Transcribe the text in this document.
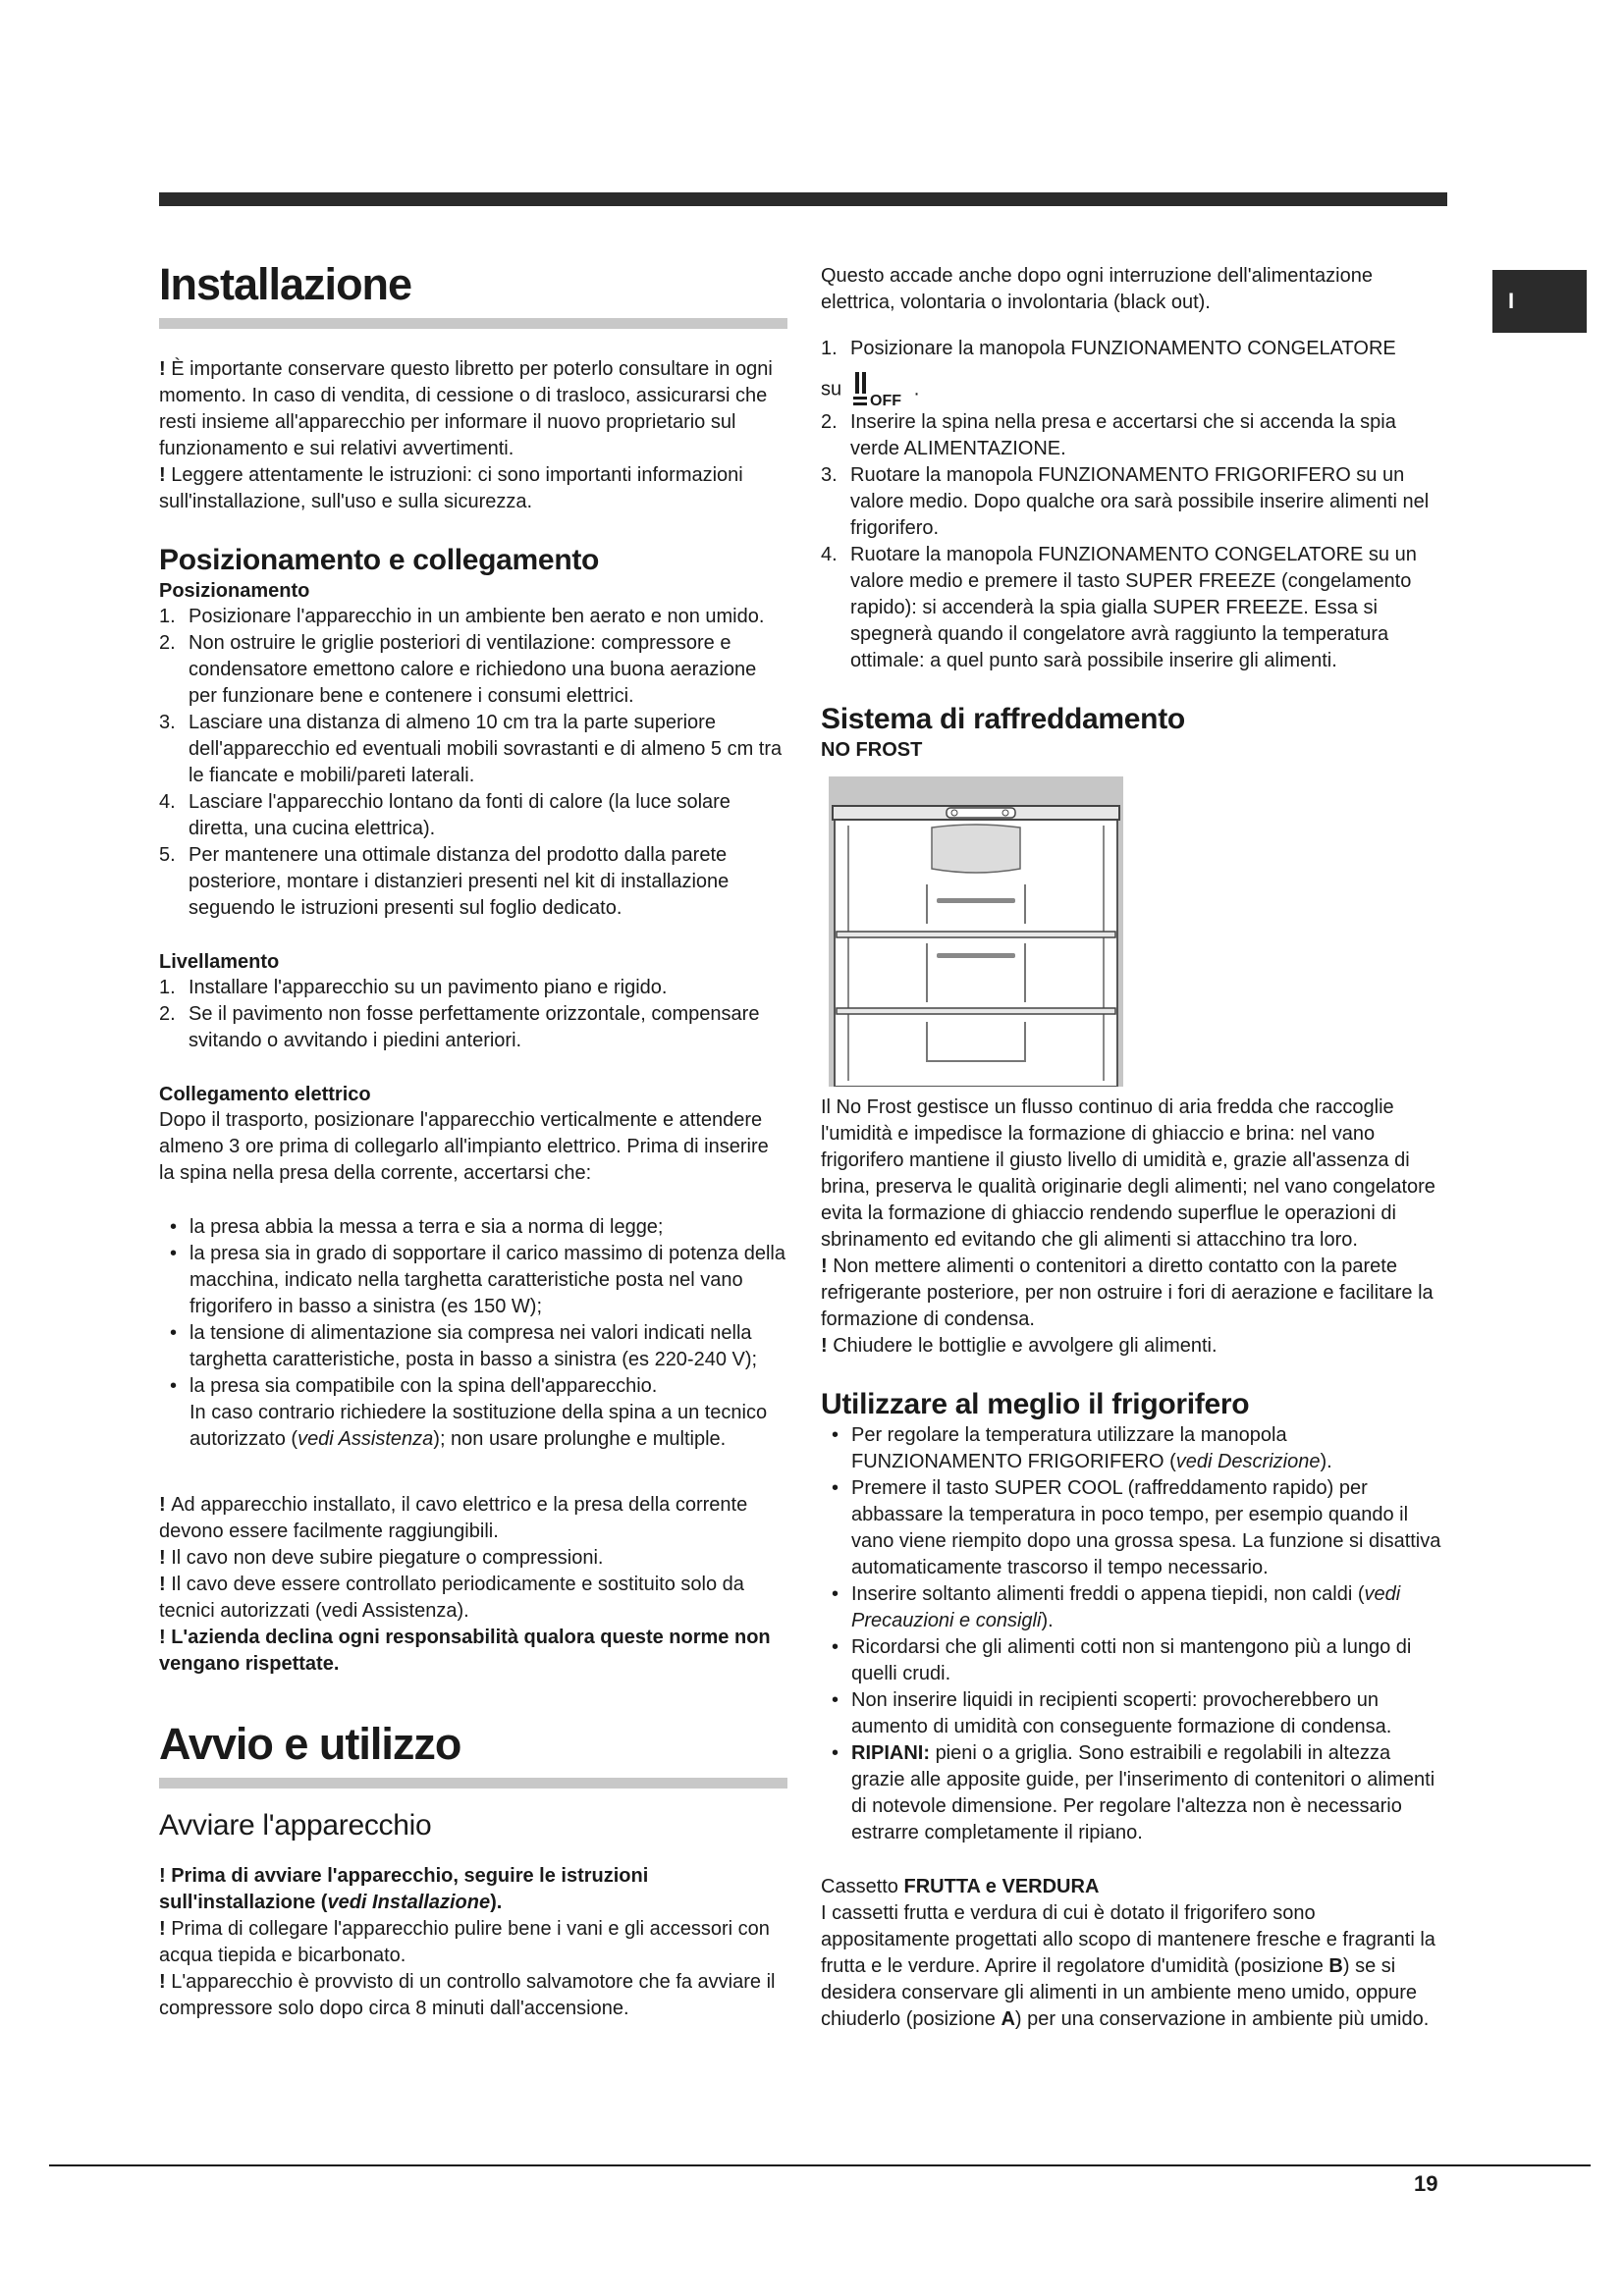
I
Installazione

! È importante conservare questo libretto per poterlo consultare in ogni momento. In caso di vendita, di cessione o di trasloco, assicurarsi che resti insieme all'apparecchio per informare il nuovo proprietario sul funzionamento e sui relativi avvertimenti.

! Leggere attentamente le istruzioni: ci sono importanti informazioni sull'installazione, sull'uso e sulla sicurezza.

Posizionamento e collegamento
Posizionamento
1. Posizionare l'apparecchio in un ambiente ben aerato e non umido.
2. Non ostruire le griglie posteriori di ventilazione: compressore e condensatore emettono calore e richiedono una buona aerazione per funzionare bene e contenere i consumi elettrici.
3. Lasciare una distanza di almeno 10 cm tra la parte superiore dell'apparecchio ed eventuali mobili sovrastanti e di almeno 5 cm tra le fiancate e mobili/pareti laterali.
4. Lasciare l'apparecchio lontano da fonti di calore (la luce solare diretta, una cucina elettrica).
5. Per mantenere una ottimale distanza del prodotto dalla parete posteriore, montare i distanzieri presenti nel kit di installazione seguendo le istruzioni presenti sul foglio dedicato.
Livellamento
1. Installare l'apparecchio su un pavimento piano e rigido.
2. Se il pavimento non fosse perfettamente orizzontale, compensare svitando o avvitando i piedini anteriori.
Collegamento elettrico

Dopo il trasporto, posizionare l'apparecchio verticalmente e attendere almeno 3 ore prima di collegarlo all'impianto elettrico. Prima di inserire la spina nella presa della corrente, accertarsi che:

• la presa abbia la messa a terra e sia a norma di legge;
• la presa sia in grado di sopportare il carico massimo di potenza della macchina, indicato nella targhetta caratteristiche posta nel vano frigorifero in basso a sinistra (es 150 W);
• la tensione di alimentazione sia compresa nei valori indicati nella targhetta caratteristiche, posta in basso a sinistra (es 220-240 V);
• la presa sia compatibile con la spina dell'apparecchio.

In caso contrario richiedere la sostituzione della spina a un tecnico autorizzato (vedi Assistenza); non usare prolunghe e multiple.

! Ad apparecchio installato, il cavo elettrico e la presa della corrente devono essere facilmente raggiungibili.

! Il cavo non deve subire piegature o compressioni.

! Il cavo deve essere controllato periodicamente e sostituito solo da tecnici autorizzati (vedi Assistenza).

! L'azienda declina ogni responsabilità qualora queste norme non vengano rispettate.

Avvio e utilizzo
Avviare l'apparecchio

! Prima di avviare l'apparecchio, seguire le istruzioni sull'installazione (vedi Installazione).

! Prima di collegare l'apparecchio pulire bene i vani e gli accessori con acqua tiepida e bicarbonato.

! L'apparecchio è provvisto di un controllo salvamotore che fa avviare il compressore solo dopo circa 8 minuti dall'accensione.

Questo accade anche dopo ogni interruzione dell'alimentazione elettrica, volontaria o involontaria (black out).

1. Posizionare la manopola FUNZIONAMENTO CONGELATORE
su
OFF
.
2. Inserire la spina nella presa e accertarsi che si accenda la spia verde ALIMENTAZIONE.
3. Ruotare la manopola FUNZIONAMENTO FRIGORIFERO su un valore medio. Dopo qualche ora sarà possibile inserire alimenti nel frigorifero.
4. Ruotare la manopola FUNZIONAMENTO CONGELATORE su un valore medio e premere il tasto SUPER FREEZE (congelamento rapido): si accenderà la spia gialla SUPER FREEZE. Essa si spegnerà quando il congelatore avrà raggiunto la temperatura ottimale: a quel punto sarà possibile inserire gli alimenti.
Sistema di raffreddamento
NO FROST

Il No Frost gestisce un flusso continuo di aria fredda che raccoglie l'umidità e impedisce la formazione di ghiaccio e brina: nel vano frigorifero mantiene il giusto livello di umidità e, grazie all'assenza di brina, preserva le qualità originarie degli alimenti; nel vano congelatore evita la formazione di ghiaccio rendendo superflue le operazioni di sbrinamento ed evitando che gli alimenti si attacchino tra loro.

! Non mettere alimenti o contenitori a diretto contatto con la parete refrigerante posteriore, per non ostruire i fori di aerazione e facilitare la formazione di condensa.

! Chiudere le bottiglie e avvolgere gli alimenti.

Utilizzare al meglio il frigorifero
• Per regolare la temperatura utilizzare la manopola FUNZIONAMENTO FRIGORIFERO (vedi Descrizione).
• Premere il tasto SUPER COOL (raffreddamento rapido) per abbassare la temperatura in poco tempo, per esempio quando il vano viene riempito dopo una grossa spesa. La funzione si disattiva automaticamente trascorso il tempo necessario.
• Inserire soltanto alimenti freddi o appena tiepidi, non caldi (vedi Precauzioni e consigli).
• Ricordarsi che gli alimenti cotti non si mantengono più a lungo di quelli crudi.
• Non inserire liquidi in recipienti scoperti: provocherebbero un aumento di umidità con conseguente formazione di condensa.
• RIPIANI: pieni o a griglia. Sono estraibili e regolabili in altezza grazie alle apposite guide, per l'inserimento di contenitori o alimenti di notevole dimensione. Per regolare l'altezza non è necessario estrarre completamente il ripiano.

Cassetto FRUTTA e VERDURA

I cassetti frutta e verdura di cui è dotato il frigorifero sono appositamente progettati allo scopo di mantenere fresche e fragranti la frutta e le verdure. Aprire il regolatore d'umidità (posizione B) se si desidera conservare gli alimenti in un ambiente meno umido, oppure chiuderlo (posizione A) per una conservazione in ambiente più umido.

19
